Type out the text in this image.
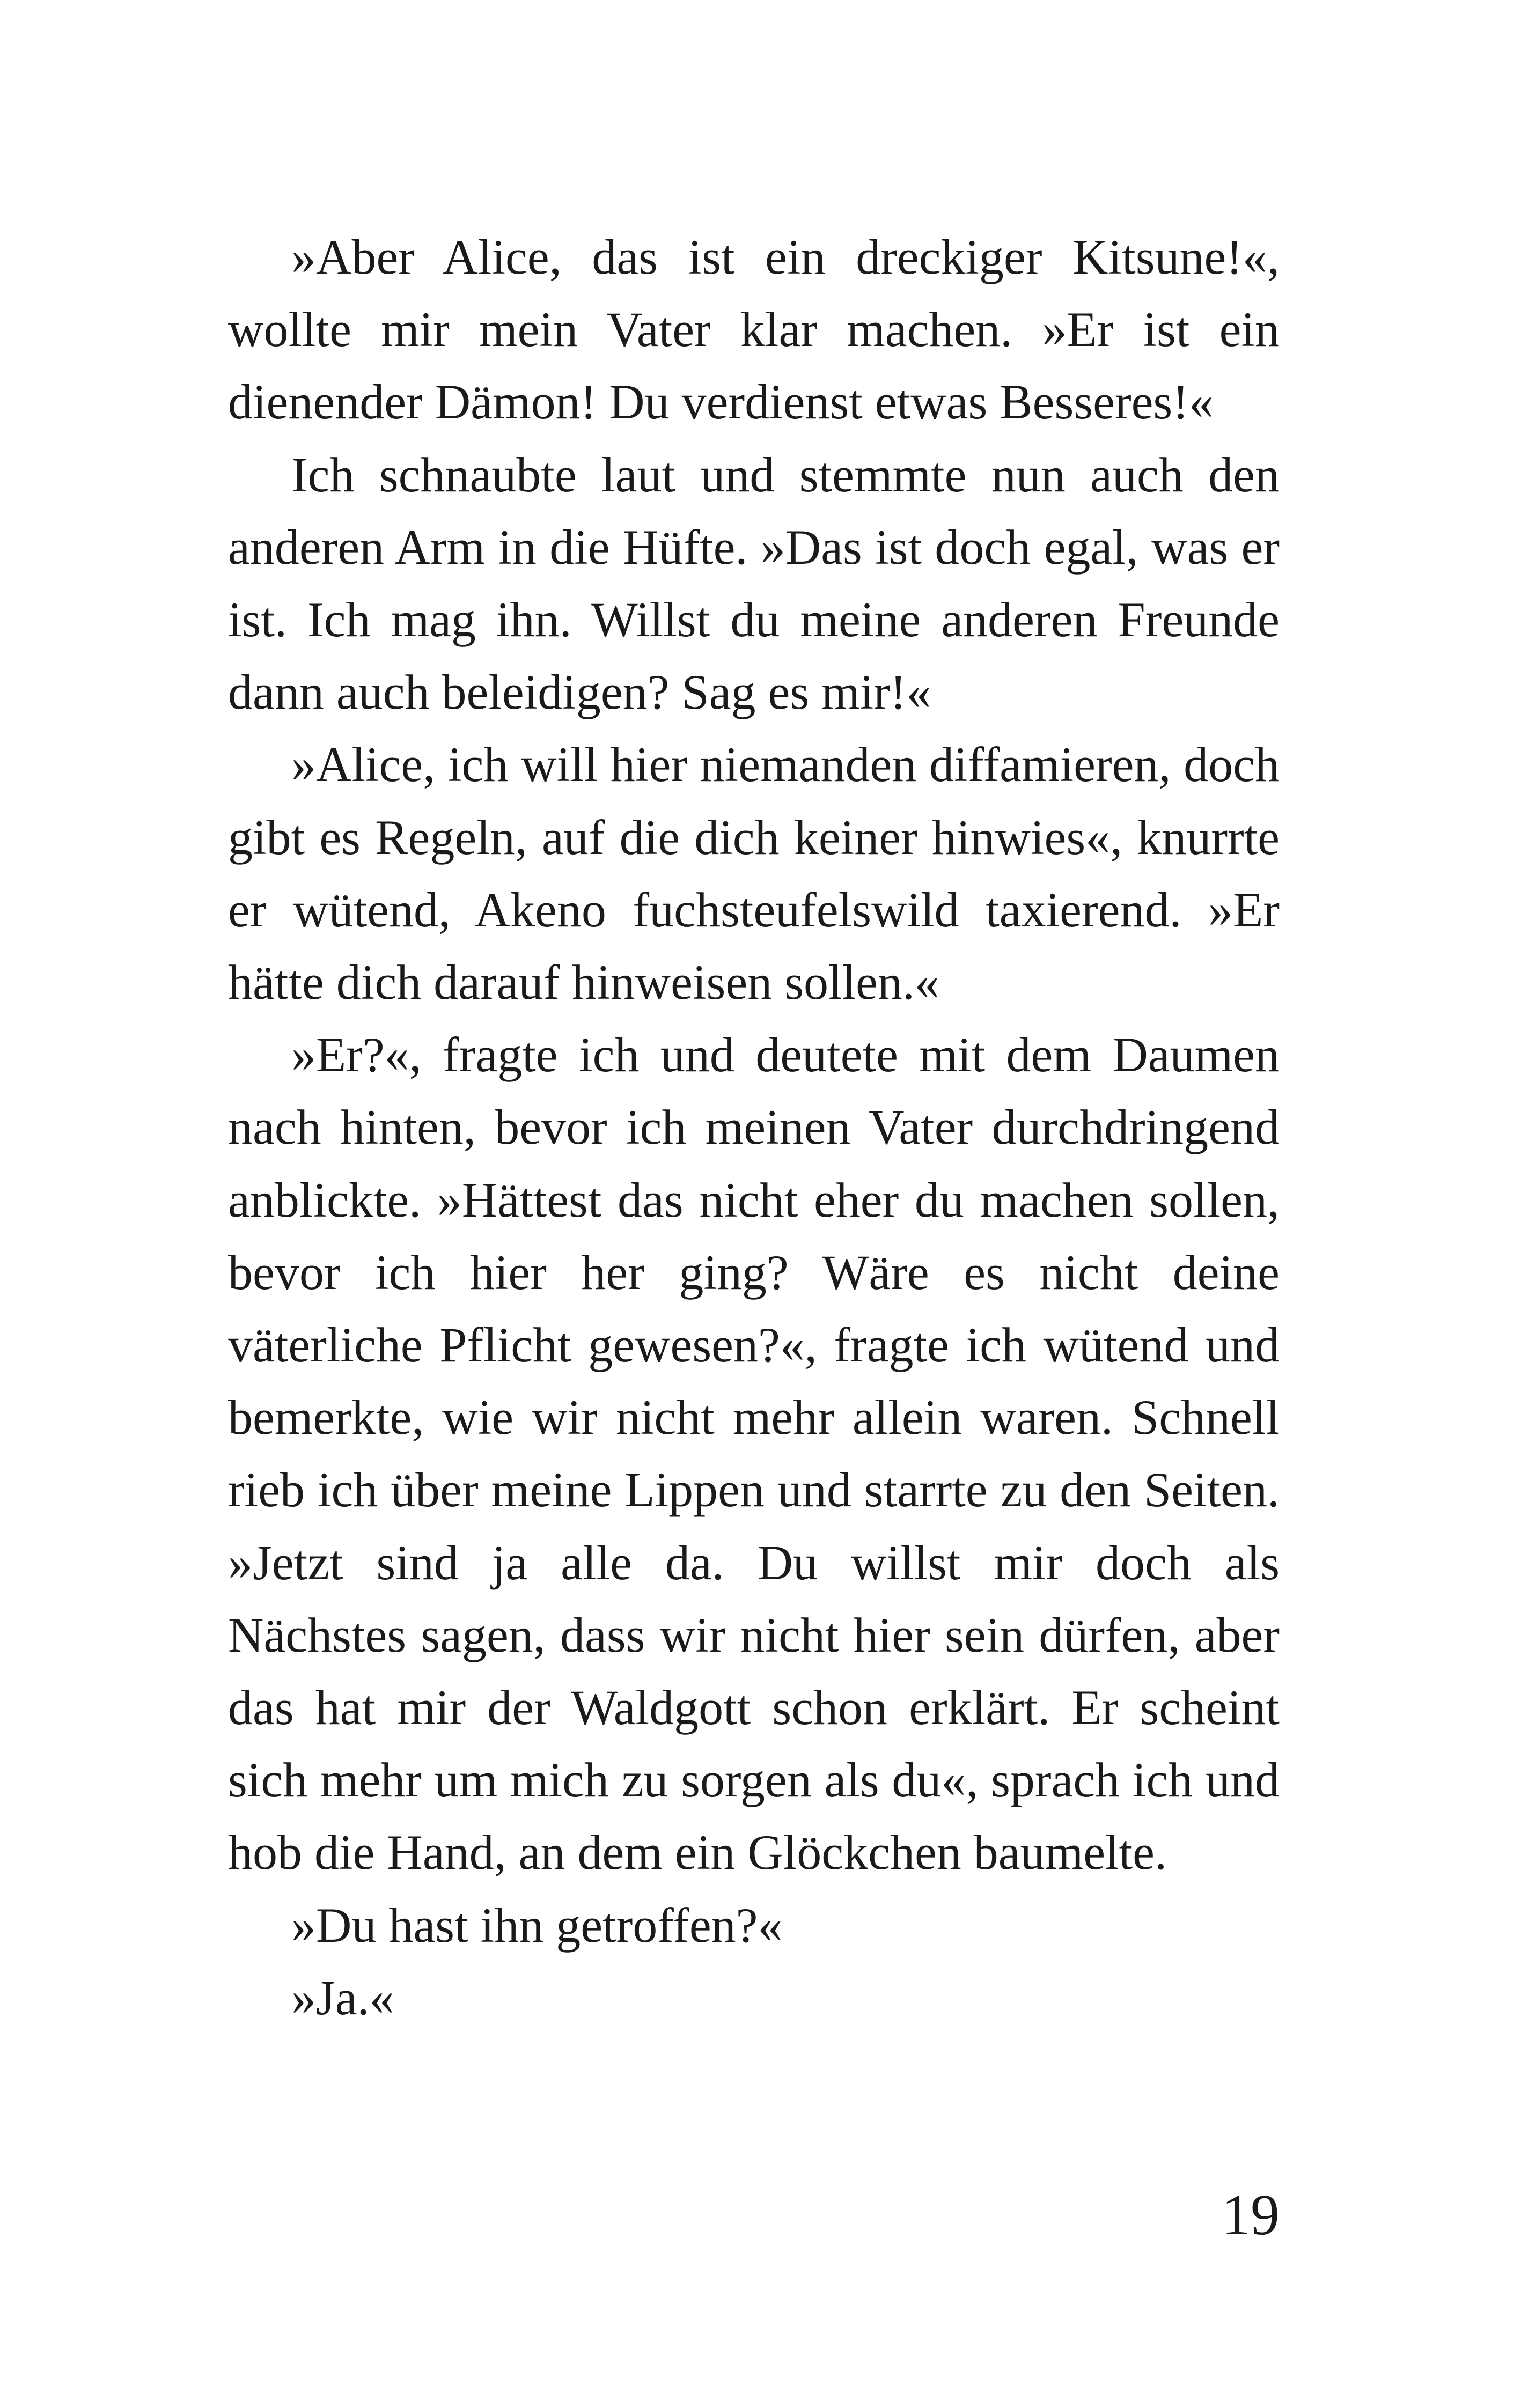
»Aber Alice, das ist ein dreckiger Kitsune!«, wollte mir mein Vater klar machen. »Er ist ein dienender Dämon! Du verdienst etwas Besseres!«

Ich schnaubte laut und stemmte nun auch den anderen Arm in die Hüfte. »Das ist doch egal, was er ist. Ich mag ihn. Willst du meine anderen Freunde dann auch beleidigen? Sag es mir!«

»Alice, ich will hier niemanden diffamieren, doch gibt es Regeln, auf die dich keiner hinwies«, knurrte er wütend, Akeno fuchsteufelswild taxierend. »Er hätte dich darauf hinweisen sollen.«

»Er?«, fragte ich und deutete mit dem Daumen nach hinten, bevor ich meinen Vater durchdringend anblickte. »Hättest das nicht eher du machen sollen, bevor ich hier her ging? Wäre es nicht deine väterliche Pflicht gewesen?«, fragte ich wütend und bemerkte, wie wir nicht mehr allein waren. Schnell rieb ich über meine Lippen und starrte zu den Seiten. »Jetzt sind ja alle da. Du willst mir doch als Nächstes sagen, dass wir nicht hier sein dürfen, aber das hat mir der Waldgott schon erklärt. Er scheint sich mehr um mich zu sorgen als du«, sprach ich und hob die Hand, an dem ein Glöckchen baumelte.

»Du hast ihn getroffen?«

»Ja.«

19
